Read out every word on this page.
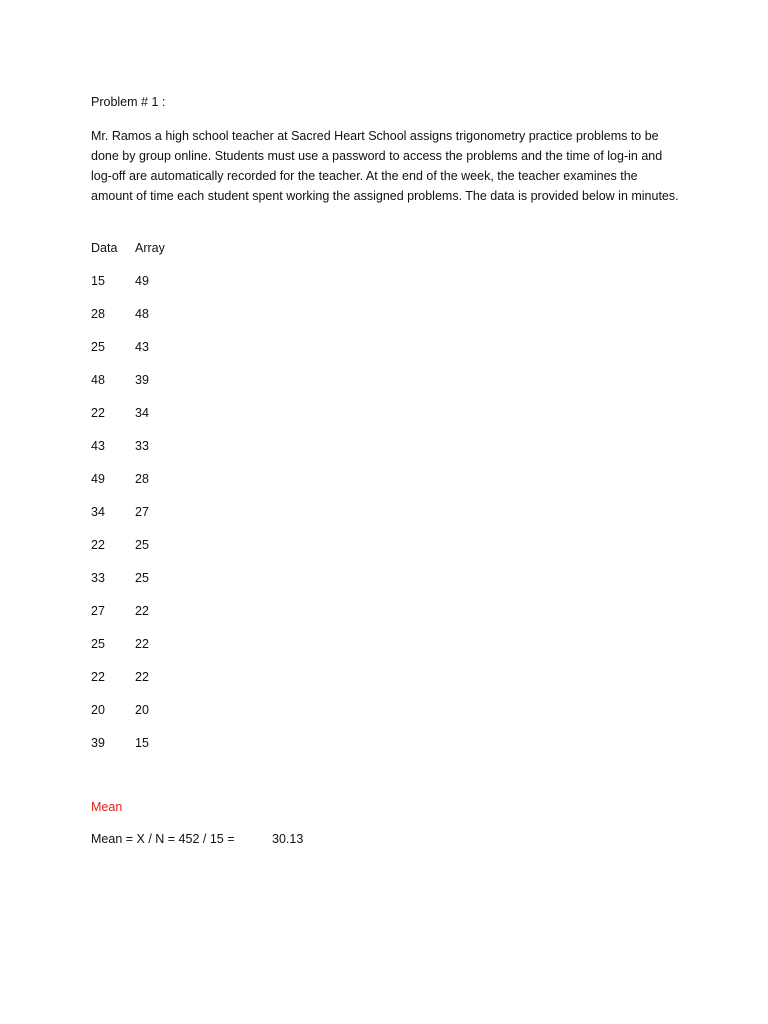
Problem # 1 :

Mr. Ramos a high school teacher at Sacred Heart School assigns trigonometry practice problems to be done by group online. Students must use a password to access the problems and the time of log-in and log-off are automatically recorded for the teacher. At the end of the week, the teacher examines the amount of time each student spent working the assigned problems. The data is provided below in minutes.

Data	Array
15	49
28	48
25	43
48	39
22	34
43	33
49	28
34	27
22	25
33	25
27	22
25	22
22	22
20	20
39	15

Mean

Mean = X / N = 452 / 15 =	30.13
